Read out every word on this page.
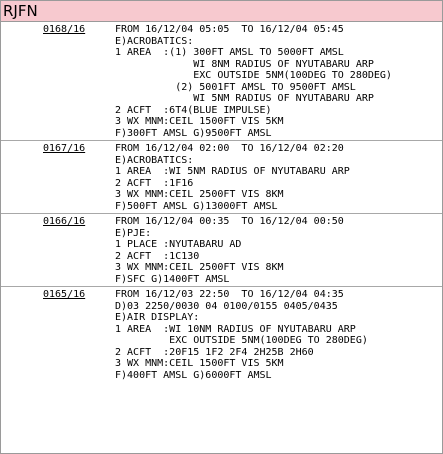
RJFN
0168/16	FROM 16/12/04 05:05  TO 16/12/04 05:45
E)ACROBATICS:
1 AREA  :(1) 300FT AMSL TO 5000FT AMSL
WI 8NM RADIUS OF NYUTABARU ARP
EXC OUTSIDE 5NM(100DEG TO 280DEG)
(2) 5001FT AMSL TO 9500FT AMSL
WI 5NM RADIUS OF NYUTABARU ARP
2 ACFT  :6T4(BLUE IMPULSE)
3 WX MNM:CEIL 1500FT VIS 5KM
F)300FT AMSL G)9500FT AMSL
0167/16	FROM 16/12/04 02:00  TO 16/12/04 02:20
E)ACROBATICS:
1 AREA  :WI 5NM RADIUS OF NYUTABARU ARP
2 ACFT  :1F16
3 WX MNM:CEIL 2500FT VIS 8KM
F)500FT AMSL G)13000FT AMSL
0166/16	FROM 16/12/04 00:35  TO 16/12/04 00:50
E)PJE:
1 PLACE :NYUTABARU AD
2 ACFT  :1C130
3 WX MNM:CEIL 2500FT VIS 8KM
F)SFC G)1400FT AMSL
0165/16	FROM 16/12/03 22:50  TO 16/12/04 04:35
D)03 2250/0030 04 0100/0155 0405/0435
E)AIR DISPLAY:
1 AREA  :WI 10NM RADIUS OF NYUTABARU ARP
EXC OUTSIDE 5NM(100DEG TO 280DEG)
2 ACFT  :20F15 1F2 2F4 2H25B 2H60
3 WX MNM:CEIL 1500FT VIS 5KM
F)400FT AMSL G)6000FT AMSL
